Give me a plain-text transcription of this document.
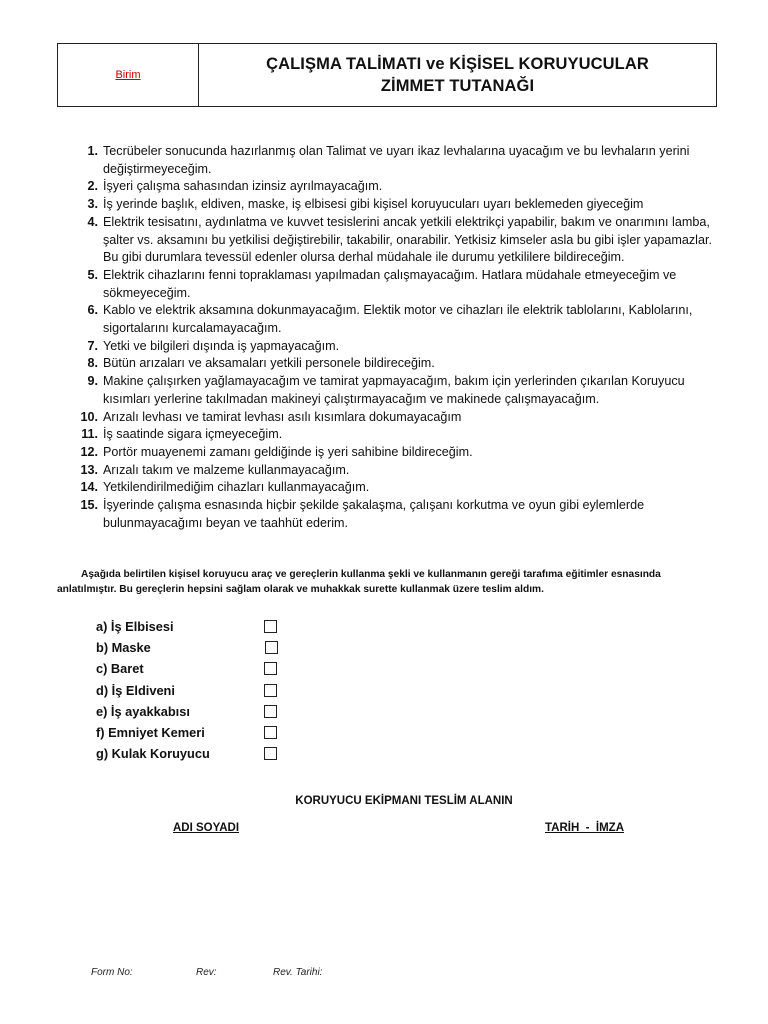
Birim
ÇALIŞMA TALİMATI ve KİŞİSEL KORUYUCULAR
ZİMMET TUTANAĞI
1. Tecrübeler sonucunda hazırlanmış olan Talimat ve uyarı ikaz levhalarına uyacağım ve bu levhaların yerini değiştirmeyeceğim.
2. İşyeri çalışma sahasından izinsiz ayrılmayacağım.
3. İş yerinde başlık, eldiven, maske, iş elbisesi gibi kişisel koruyucuları uyarı beklemeden giyeceğim
4. Elektrik tesisatını, aydınlatma ve kuvvet tesislerini ancak yetkili elektrikçi yapabilir, bakım ve onarımını lamba, şalter vs. aksamını bu yetkilisi değiştirebilir, takabilir, onarabilir. Yetkisiz kimseler asla bu gibi işler yapamazlar. Bu gibi durumlara tevessül edenler olursa derhal müdahale ile durumu yetkililere bildireceğim.
5. Elektrik cihazlarını fenni topraklaması yapılmadan çalışmayacağım. Hatlara müdahale etmeyeceğim ve sökmeyeceğim.
6. Kablo ve elektrik aksamına dokunmayacağım. Elektik motor ve cihazları ile elektrik tablolarını, Kablolarını, sigortalarını kurcalamayacağım.
7. Yetki ve bilgileri dışında iş yapmayacağım.
8. Bütün arızaları ve aksamaları yetkili personele bildireceğim.
9. Makine çalışırken yağlamayacağım ve tamirat yapmayacağım, bakım için yerlerinden çıkarılan Koruyucu kısımları yerlerine takılmadan makineyi çalıştırmayacağım ve makinede çalışmayacağım.
10. Arızalı levhası ve tamirat levhası asılı kısımlara dokumayacağım
11. İş saatinde sigara içmeyeceğim.
12. Portör muayenemi zamanı geldiğinde iş yeri sahibine bildireceğim.
13. Arızalı takım ve malzeme kullanmayacağım.
14. Yetkilendirilmediğim cihazları kullanmayacağım.
15. İşyerinde çalışma esnasında hiçbir şekilde şakalaşma, çalışanı korkutma ve oyun gibi eylemlerde bulunmayacağımı beyan ve taahhüt ederim.
Aşağıda belirtilen kişisel koruyucu araç ve gereçlerin kullanma şekli ve kullanmanın gereği tarafıma eğitimler esnasında anlatılmıştır. Bu gereçlerin hepsini sağlam olarak ve muhakkak surette kullanmak üzere teslim aldım.
a) İş Elbisesi
b) Maske
c) Baret
d) İş Eldiveni
e) İş ayakkabısı
f) Emniyet Kemeri
g) Kulak Koruyucu
KORUYUCU EKİPMANI TESLİM ALANIN
ADI SOYADI	TARİH  -  İMZA
Form No:	Rev:	Rev. Tarihi:
